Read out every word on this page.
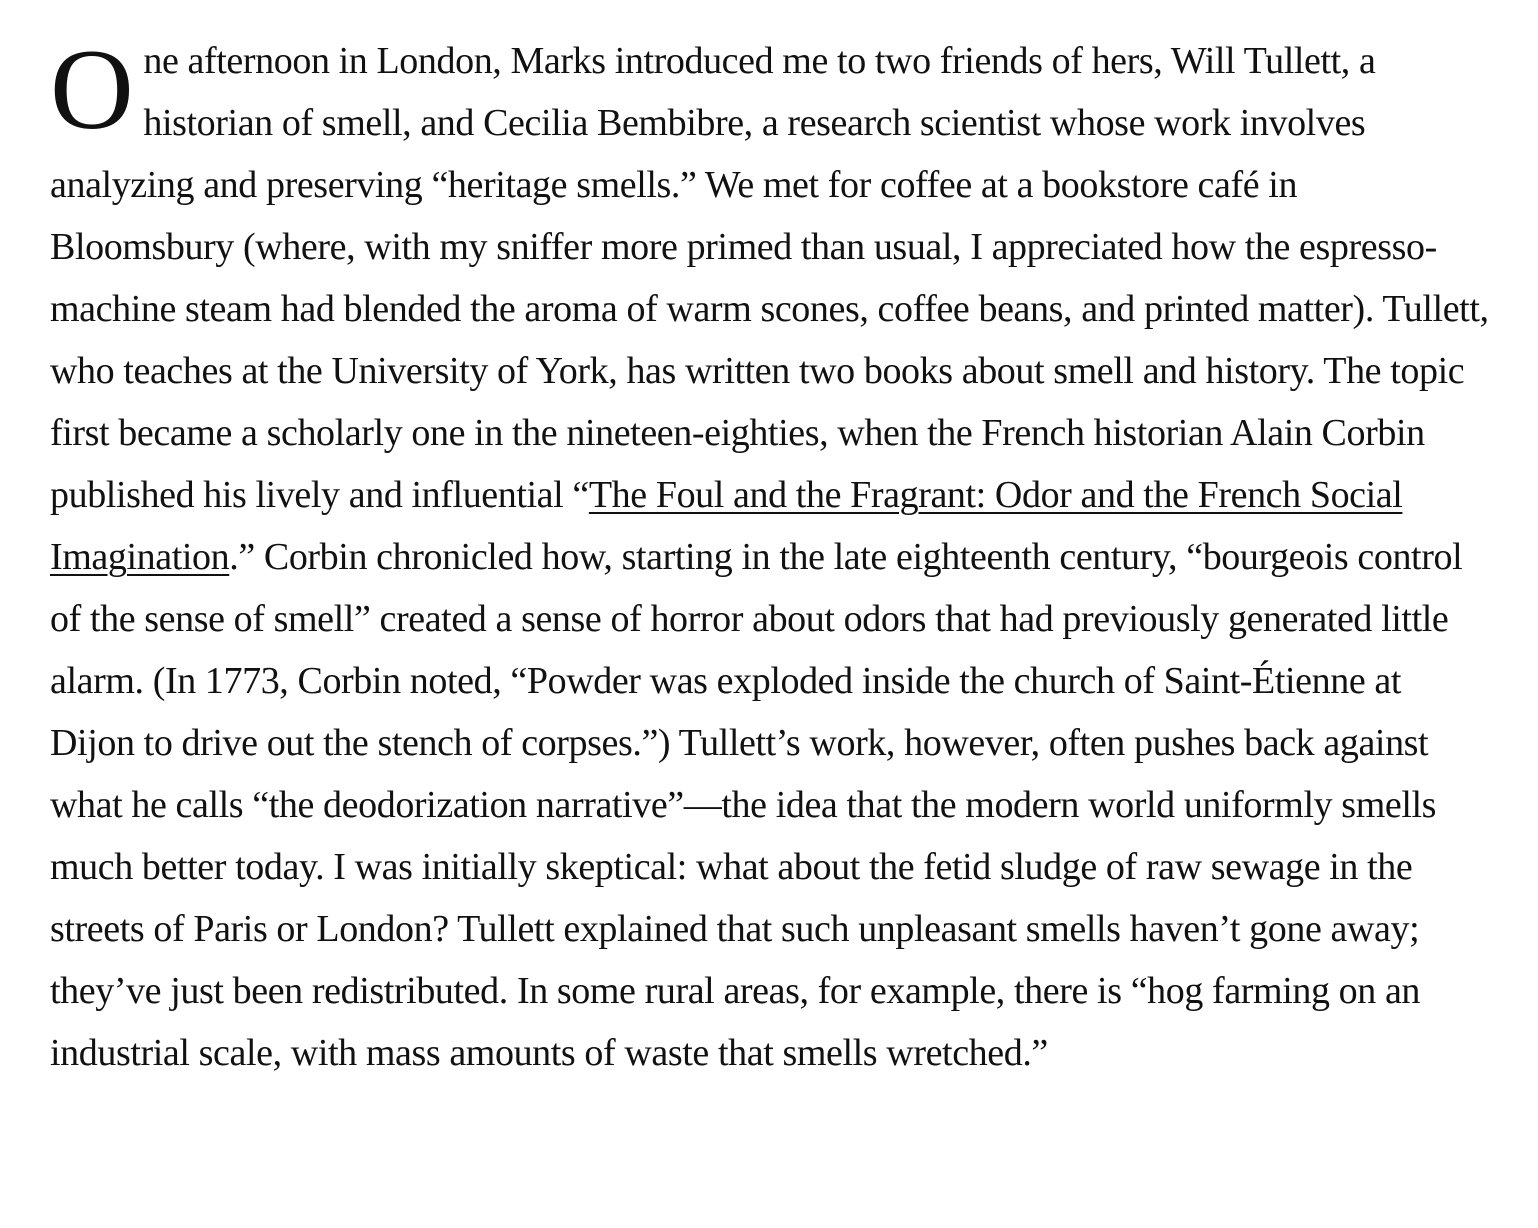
One afternoon in London, Marks introduced me to two friends of hers, Will Tullett, a historian of smell, and Cecilia Bembibre, a research scientist whose work involves analyzing and preserving “heritage smells.” We met for coffee at a bookstore café in Bloomsbury (where, with my sniffer more primed than usual, I appreciated how the espresso-machine steam had blended the aroma of warm scones, coffee beans, and printed matter). Tullett, who teaches at the University of York, has written two books about smell and history. The topic first became a scholarly one in the nineteen-eighties, when the French historian Alain Corbin published his lively and influential “The Foul and the Fragrant: Odor and the French Social Imagination.” Corbin chronicled how, starting in the late eighteenth century, “bourgeois control of the sense of smell” created a sense of horror about odors that had previously generated little alarm. (In 1773, Corbin noted, “Powder was exploded inside the church of Saint-Étienne at Dijon to drive out the stench of corpses.”) Tullett’s work, however, often pushes back against what he calls “the deodorization narrative”—the idea that the modern world uniformly smells much better today. I was initially skeptical: what about the fetid sludge of raw sewage in the streets of Paris or London? Tullett explained that such unpleasant smells haven’t gone away; they’ve just been redistributed. In some rural areas, for example, there is “hog farming on an industrial scale, with mass amounts of waste that smells wretched.”
